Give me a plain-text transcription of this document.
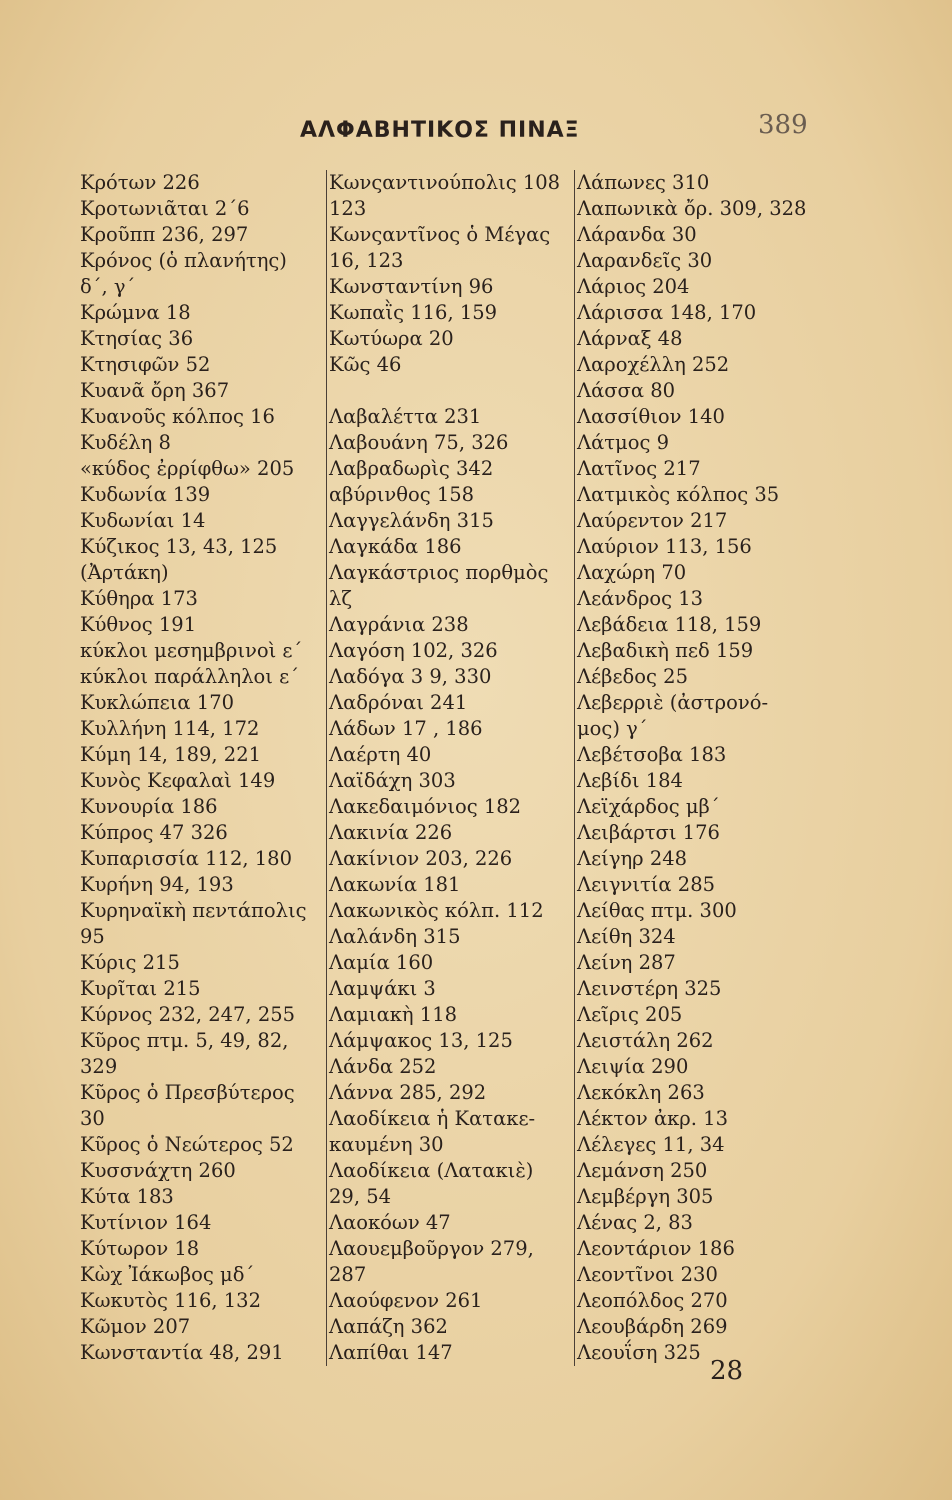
ΑΛΦΑΒΗΤΙΚΟΣ ΠΙΝΑΞ	389
Κρότων 226
Κροτωνιᾶται 2΄6
Κροῦππ 236, 297
Κρόνος (ὁ πλανήτης)
δ΄, γ΄
Κρώμνα 18
Κτησίας 36
Κτησιφῶν 52
Κυανᾶ ὄρη 367
Κυανοῦς κόλπος 16
Κυδέλη 8
«κύδος ἐρρίφθω» 205
Κυδωνία 139
Κυδωνίαι 14
Κύζικος 13, 43, 125
(Ἀρτάκη)
Κύθηρα 173
Κύθνος 191
κύκλοι μεσημβρινοὶ ε΄
κύκλοι παράλληλοι ε΄
Κυκλώπεια 170
Κυλλήνη 114, 172
Κύμη 14, 189, 221
Κυνὸς Κεφαλαὶ 149
Κυνουρία 186
Κύπρος 47 326
Κυπαρισσία 112, 180
Κυρήνη 94, 193
Κυρηναϊκὴ πεντάπολις
95
Κύρις 215
Κυρῖται 215
Κύρνος 232, 247, 255
Κῦρος πτμ. 5, 49, 82,
329
Κῦρος ὁ Πρεσβύτερος
30
Κῦρος ὁ Νεώτερος 52
Κυσσνάχτη 260
Κύτα 183
Κυτίνιον 164
Κύτωρον 18
Κὼχ Ἰάκωβος μδ΄
Κωκυτὸς 116, 132
Κῶμον 207
Κωνσταντία 48, 291
Κωνςαντινούπολις 108
123
Κωνςαντῖνος ὁ Μέγας
16, 123
Κωνσταντίνη 96
Κωπαῒς 116, 159
Κωτύωρα 20
Κῶς 46
Λαβαλέττα 231
Λαβουάνη 75, 326
Λαβραδωρὶς 342
αβύρινθος 158
Λαγγελάνδη 315
Λαγκάδα 186
Λαγκάστριος πορθμὸς
λζ
Λαγράνια 238
Λαγόση 102, 326
Λαδόγα 3 9, 330
Λαδρόναι 241
Λάδων 17 , 186
Λαέρτη 40
Λαϊδάχη 303
Λακεδαιμόνιος 182
Λακινία 226
Λακίνιον 203, 226
Λακωνία 181
Λακωνικὸς κόλπ. 112
Λαλάνδη 315
Λαμία 160
Λαμψάκι 3
Λαμιακὴ 118
Λάμψακος 13, 125
Λάνδα 252
Λάννα 285, 292
Λαοδίκεια ἡ Κατακε-
καυμένη 30
Λαοδίκεια (Λατακιὲ)
29, 54
Λαοκόων 47
Λαουεμβοῦργον 279,
287
Λαούφενον 261
Λαπάζη 362
Λαπίθαι 147
Λάπωνες 310
Λαπωνικὰ ὄρ. 309, 328
Λάρανδα 30
Λαρανδεῖς 30
Λάριος 204
Λάρισσα 148, 170
Λάρναξ 48
Λαροχέλλη 252
Λάσσα 80
Λασσίθιον 140
Λάτμος 9
Λατῖνος 217
Λατμικὸς κόλπος 35
Λαύρεντον 217
Λαύριον 113, 156
Λαχώρη 70
Λεάνδρος 13
Λεβάδεια 118, 159
Λεβαδικὴ πεδ 159
Λέβεδος 25
Λεβερριὲ (ἀστρονό-
μος) γ΄
Λεβέτσοβα 183
Λεβίδι 184
Λεϊχάρδος μβ΄
Λειβάρτσι 176
Λείγηρ 248
Λειγνιτία 285
Λείθας πτμ. 300
Λείθη 324
Λείνη 287
Λεινστέρη 325
Λεῖρις 205
Λειστάλη 262
Λειψία 290
Λεκόκλη 263
Λέκτον ἀκρ. 13
Λέλεγες 11, 34
Λεμάνση 250
Λεμβέργη 305
Λένας 2, 83
Λεοντάριον 186
Λεοντῖνοι 230
Λεοπόλδος 270
Λεουβάρδη 269
Λεουΐση 325
28
